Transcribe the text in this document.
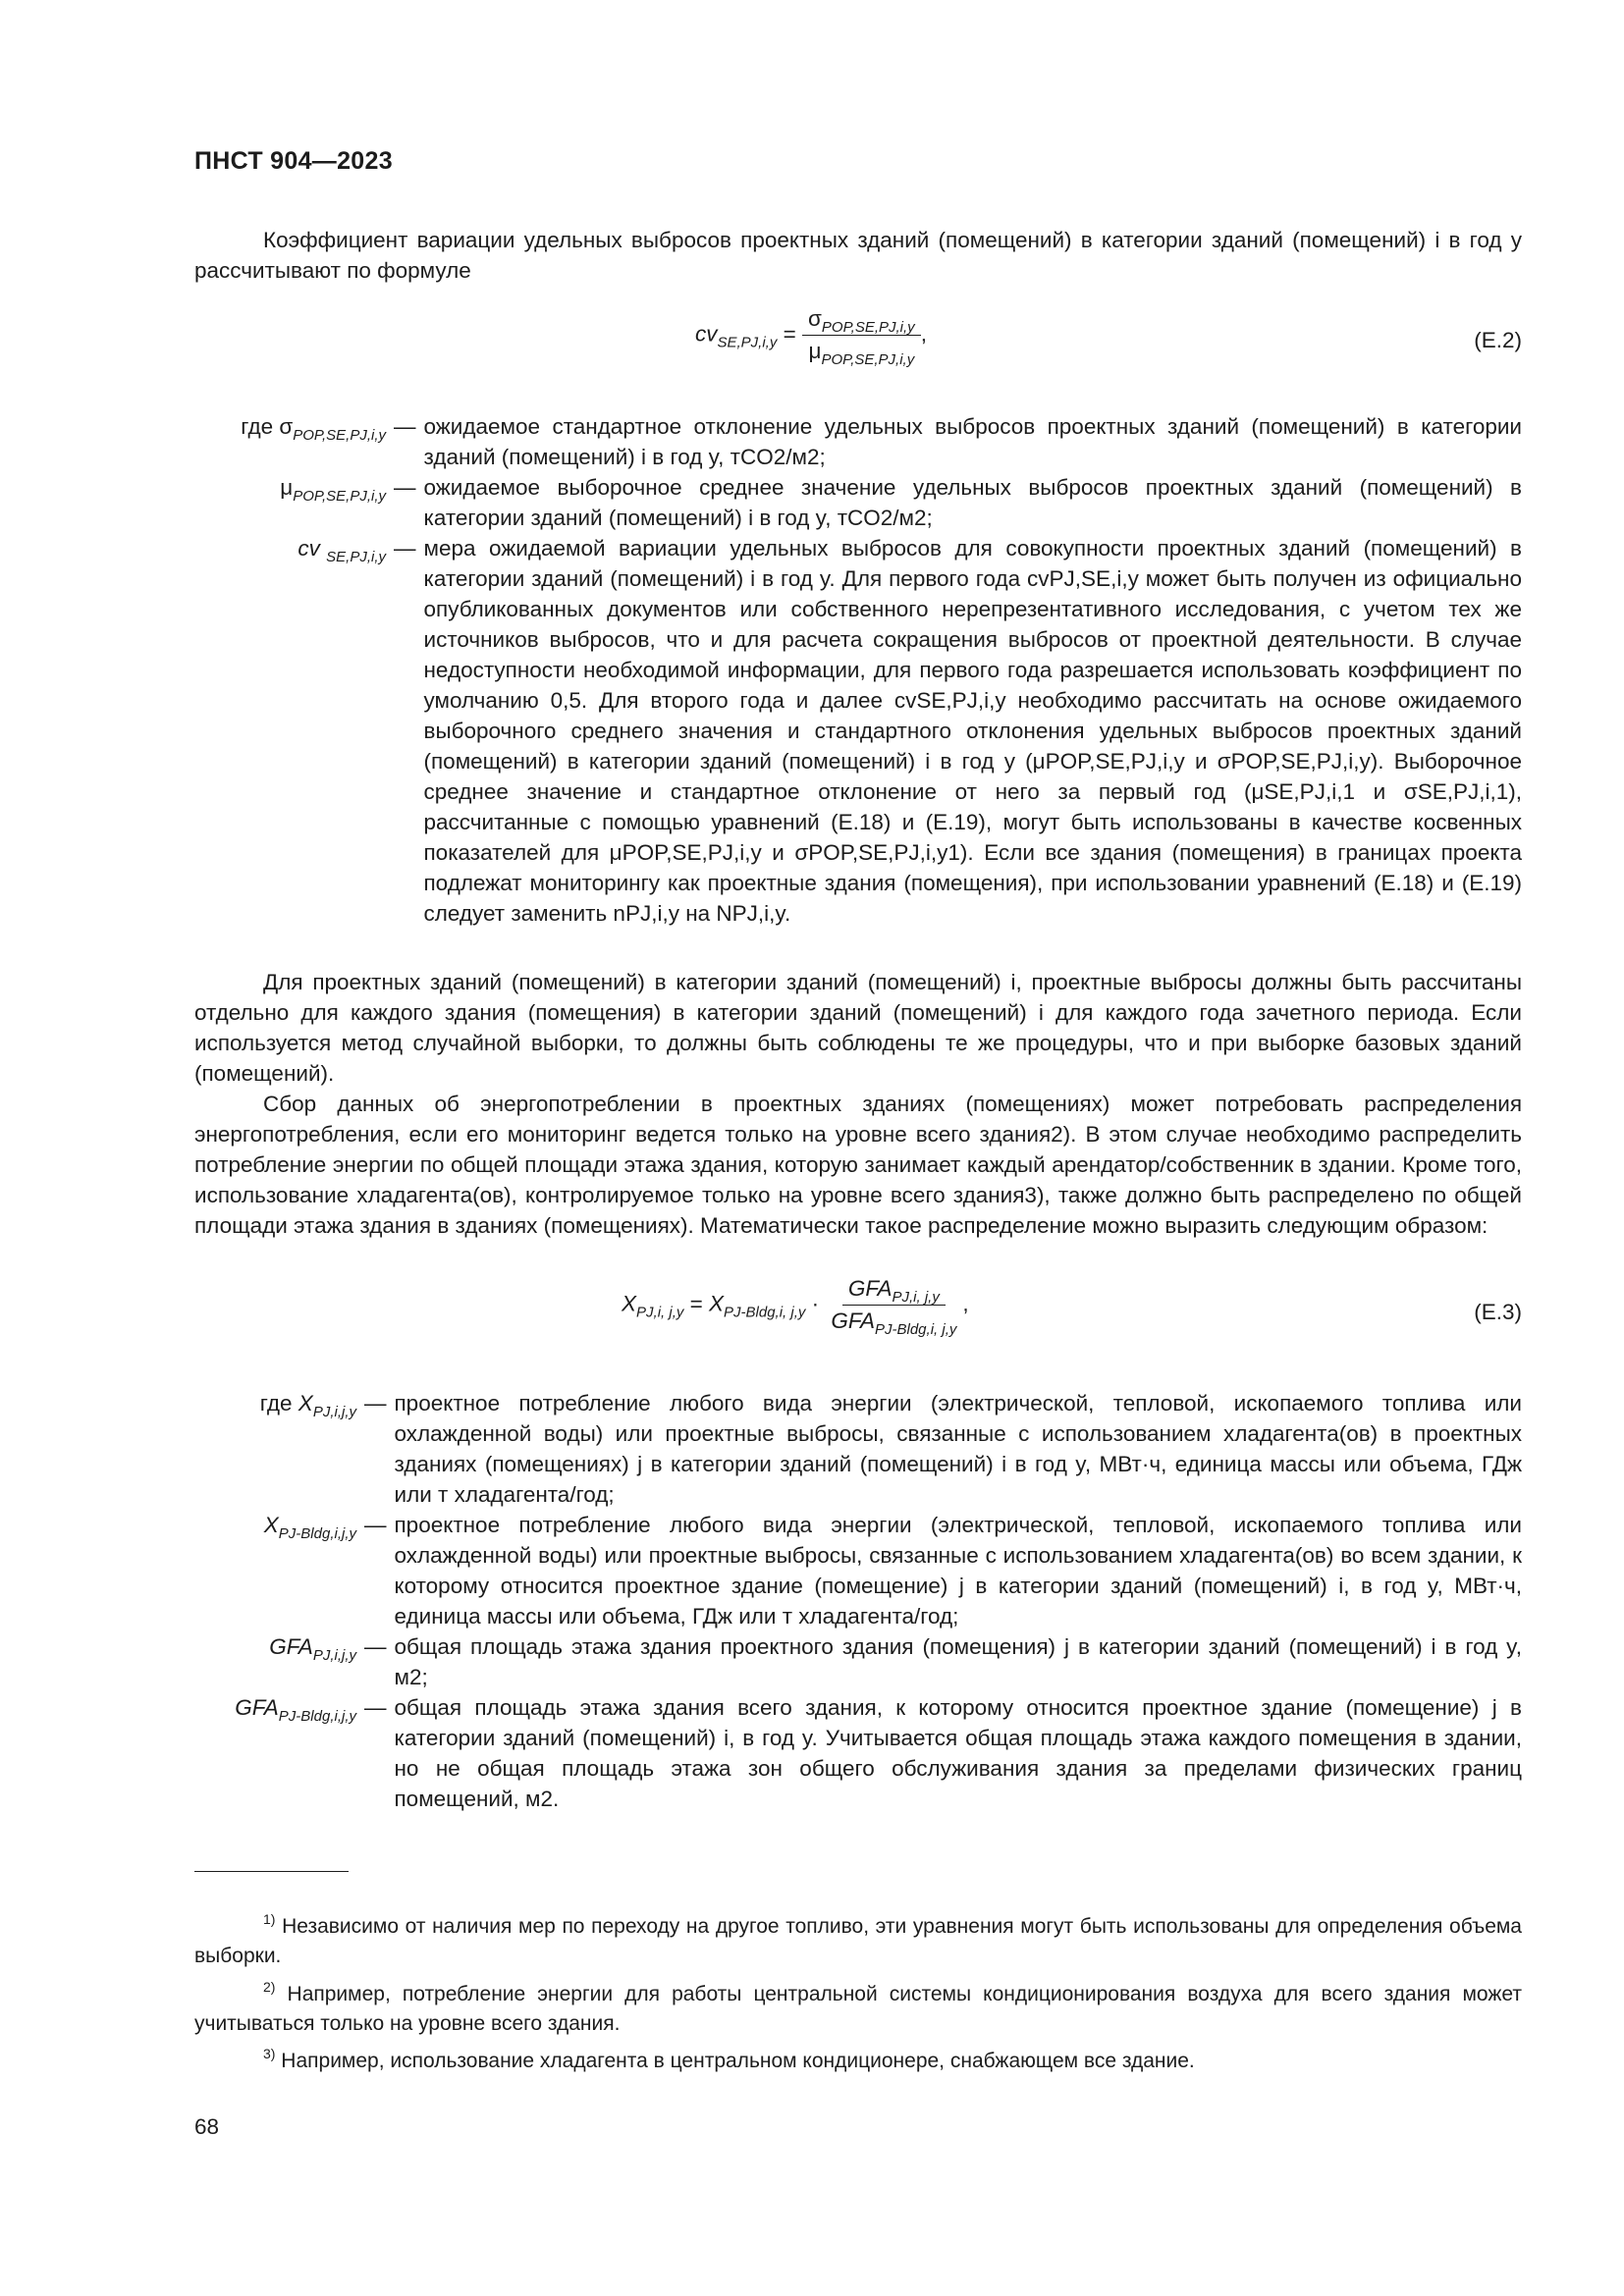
ПНСТ 904—2023
Коэффициент вариации удельных выбросов проектных зданий (помещений) в категории зданий (помещений) i в год y рассчитывают по формуле
$cv_{SE,PJ,i,y} = \frac{\sigma_{POP,SE,PJ,i,y}}{\mu_{POP,SE,PJ,i,y}}$ ,	(E.2)
где $\sigma_{POP,SE,PJ,i,y}$ — ожидаемое стандартное отклонение удельных выбросов проектных зданий (помещений) в категории зданий (помещений) i в год y, тCO2/м2;
$\mu_{POP,SE,PJ,i,y}$ — ожидаемое выборочное среднее значение удельных выбросов проектных зданий (помещений) в категории зданий (помещений) i в год y, тCO2/м2;
cv $_{SE,PJ,i,y}$ — мера ожидаемой вариации удельных выбросов для совокупности проектных зданий (помещений) в категории зданий (помещений) i в год y. Для первого года cvPJ,SE,i,y может быть получен из официально опубликованных документов или собственного нерепрезентативного исследования, с учетом тех же источников выбросов, что и для расчета сокращения выбросов от проектной деятельности. В случае недоступности необходимой информации, для первого года разрешается использовать коэффициент по умолчанию 0,5. Для второго года и далее cvSE,PJ,i,y необходимо рассчитать на основе ожидаемого выборочного среднего значения и стандартного отклонения удельных выбросов проектных зданий (помещений) в категории зданий (помещений) i в год y (μPOP,SE,PJ,i,y и σPOP,SE,PJ,i,y). Выборочное среднее значение и стандартное отклонение от него за первый год (μSE,PJ,i,1 и σSE,PJ,i,1), рассчитанные с помощью уравнений (Е.18) и (Е.19), могут быть использованы в качестве косвенных показателей для μPOP,SE,PJ,i,y и σPOP,SE,PJ,i,y1). Если все здания (помещения) в границах проекта подлежат мониторингу как проектные здания (помещения), при использовании уравнений (Е.18) и (Е.19) следует заменить nPJ,i,y на NPJ,i,y.
Для проектных зданий (помещений) в категории зданий (помещений) i, проектные выбросы должны быть рассчитаны отдельно для каждого здания (помещения) в категории зданий (помещений) i для каждого года зачетного периода. Если используется метод случайной выборки, то должны быть соблюдены те же процедуры, что и при выборке базовых зданий (помещений).
Сбор данных об энергопотреблении в проектных зданиях (помещениях) может потребовать распределения энергопотребления, если его мониторинг ведется только на уровне всего здания2). В этом случае необходимо распределить потребление энергии по общей площади этажа здания, которую занимает каждый арендатор/собственник в здании. Кроме того, использование хладагента(ов), контролируемое только на уровне всего здания3), также должно быть распределено по общей площади этажа здания в зданиях (помещениях). Математически такое распределение можно выразить следующим образом:
$X_{PJ,i, j,y} = X_{PJ-Bldg,i, j,y} \cdot \frac{GFA_{PJ,i, j,y}}{GFA_{PJ-Bldg,i, j,y}}$ ,	(E.3)
где $X_{PJ,i,j,y}$ — проектное потребление любого вида энергии (электрической, тепловой, ископаемого топлива или охлажденной воды) или проектные выбросы, связанные с использованием хладагента(ов) в проектных зданиях (помещениях) j в категории зданий (помещений) i в год y, МВт·ч, единица массы или объема, ГДж или т хладагента/год;
$X_{PJ-Bldg,i,j,y}$ — проектное потребление любого вида энергии (электрической, тепловой, ископаемого топлива или охлажденной воды) или проектные выбросы, связанные с использованием хладагента(ов) во всем здании, к которому относится проектное здание (помещение) j в категории зданий (помещений) i, в год y, МВт·ч, единица массы или объема, ГДж или т хладагента/год;
$GFA_{PJ,i,j,y}$ — общая площадь этажа здания проектного здания (помещения) j в категории зданий (помещений) i в год y, м2;
$GFA_{PJ-Bldg,i,j,y}$ — общая площадь этажа здания всего здания, к которому относится проектное здание (помещение) j в категории зданий (помещений) i, в год y. Учитывается общая площадь этажа каждого помещения в здании, но не общая площадь этажа зон общего обслуживания здания за пределами физических границ помещений, м2.
$^{1)}$ Независимо от наличия мер по переходу на другое топливо, эти уравнения могут быть использованы для определения объема выборки.
$^{2)}$ Например, потребление энергии для работы центральной системы кондиционирования воздуха для всего здания может учитываться только на уровне всего здания.
$^{3)}$ Например, использование хладагента в центральном кондиционере, снабжающем все здание.
68
